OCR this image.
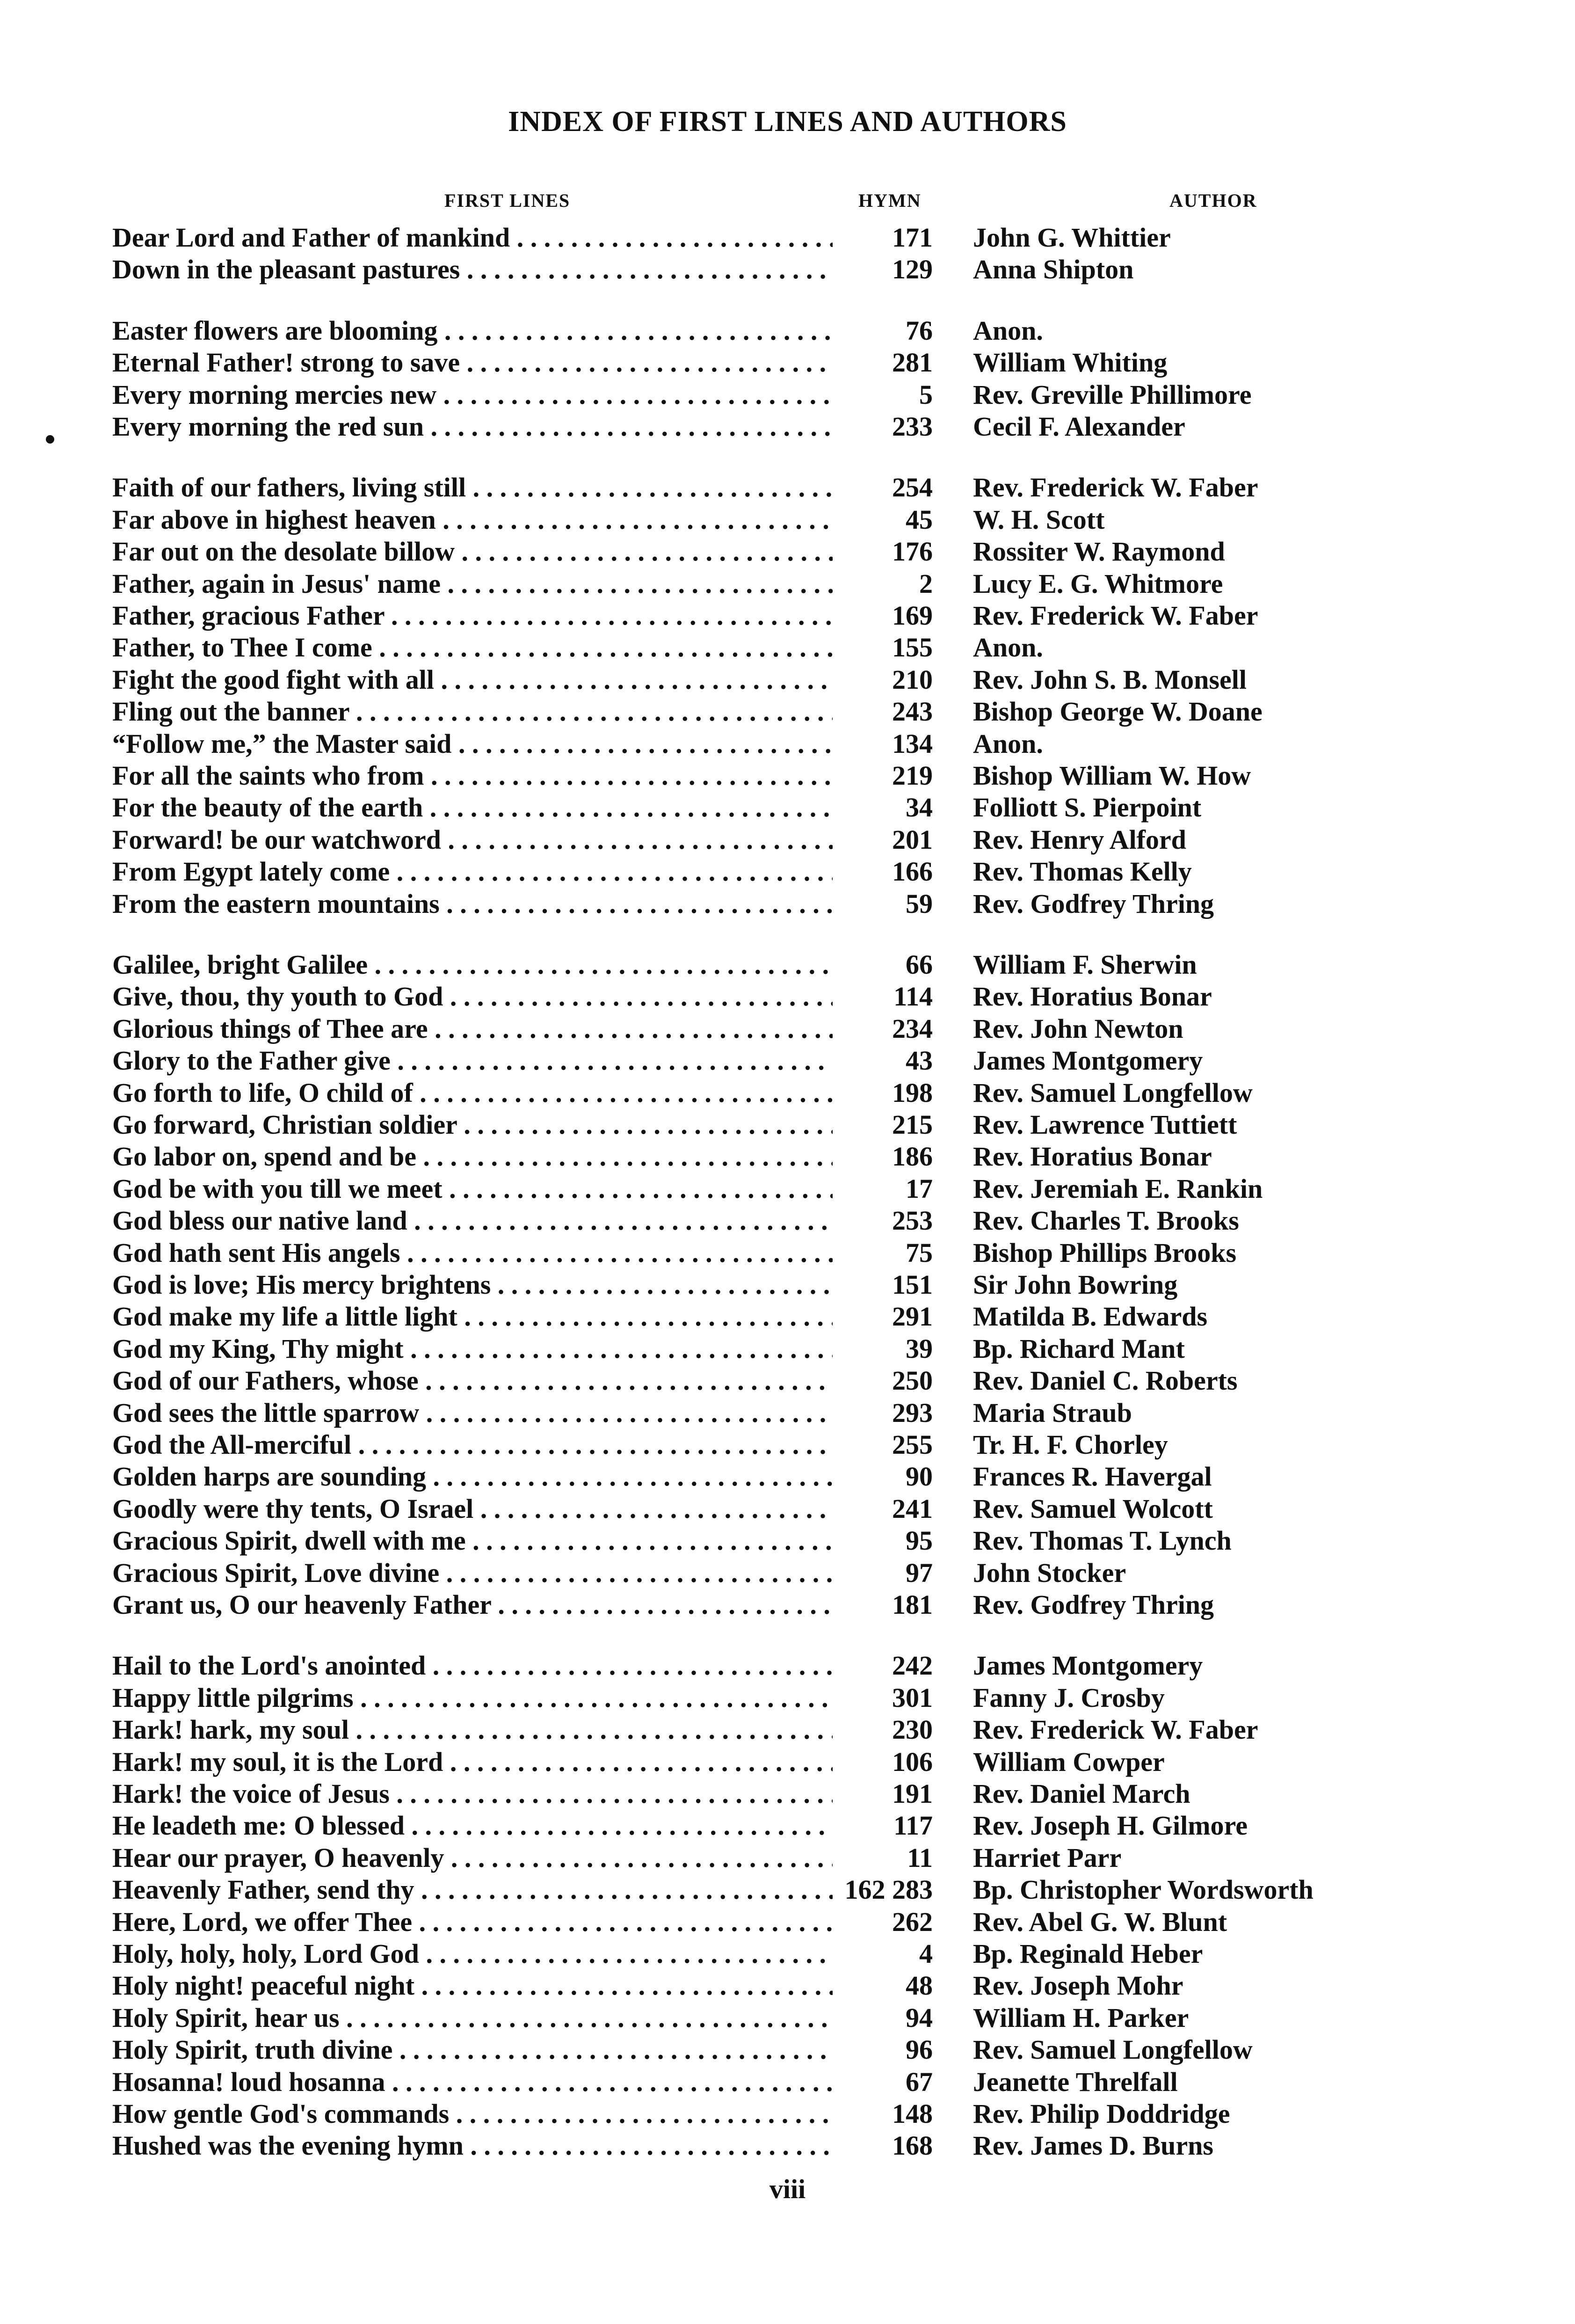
INDEX OF FIRST LINES AND AUTHORS
FIRST LINES	HYMN	AUTHOR
Dear Lord and Father of mankind . . .	171 John G. Whittier
Down in the pleasant pastures . . .	129 Anna Shipton
Easter flowers are blooming . . .	76 Anon.
Eternal Father! strong to save . . .	281 William Whiting
Every morning mercies new . . .	5 Rev. Greville Phillimore
Every morning the red sun . . .	233 Cecil F. Alexander
Faith of our fathers, living still . . .	254 Rev. Frederick W. Faber
Far above in highest heaven . . .	45 W. H. Scott
Far out on the desolate billow . . .	176 Rossiter W. Raymond
Father, again in Jesus' name . . .	2 Lucy E. G. Whitmore
Father, gracious Father . . .	169 Rev. Frederick W. Faber
Father, to Thee I come . . .	155 Anon.
Fight the good fight with all . . .	210 Rev. John S. B. Monsell
Fling out the banner . . .	243 Bishop George W. Doane
“Follow me,” the Master said . . .	134 Anon.
For all the saints who from . . .	219 Bishop William W. How
For the beauty of the earth . . .	34 Folliott S. Pierpoint
Forward! be our watchword . . .	201 Rev. Henry Alford
From Egypt lately come . . .	166 Rev. Thomas Kelly
From the eastern mountains . . .	59 Rev. Godfrey Thring
Galilee, bright Galilee . . .	66 William F. Sherwin
Give, thou, thy youth to God . . .	114 Rev. Horatius Bonar
Glorious things of Thee are . . .	234 Rev. John Newton
Glory to the Father give . . .	43 James Montgomery
Go forth to life, O child of . . .	198 Rev. Samuel Longfellow
Go forward, Christian soldier . . .	215 Rev. Lawrence Tuttiett
Go labor on, spend and be . . .	186 Rev. Horatius Bonar
God be with you till we meet . . .	17 Rev. Jeremiah E. Rankin
God bless our native land . . .	253 Rev. Charles T. Brooks
God hath sent His angels . . .	75 Bishop Phillips Brooks
God is love; His mercy brightens . . .	151 Sir John Bowring
God make my life a little light . . .	291 Matilda B. Edwards
God my King, Thy might . . .	39 Bp. Richard Mant
God of our Fathers, whose . . .	250 Rev. Daniel C. Roberts
God sees the little sparrow . . .	293 Maria Straub
God the All-merciful . . .	255 Tr. H. F. Chorley
Golden harps are sounding . . .	90 Frances R. Havergal
Goodly were thy tents, O Israel . . .	241 Rev. Samuel Wolcott
Gracious Spirit, dwell with me . . .	95 Rev. Thomas T. Lynch
Gracious Spirit, Love divine . . .	97 John Stocker
Grant us, O our heavenly Father . . .	181 Rev. Godfrey Thring
Hail to the Lord's anointed . . .	242 James Montgomery
Happy little pilgrims . . .	301 Fanny J. Crosby
Hark! hark, my soul . . .	230 Rev. Frederick W. Faber
Hark! my soul, it is the Lord . . .	106 William Cowper
Hark! the voice of Jesus . . .	191 Rev. Daniel March
He leadeth me: O blessed . . .	117 Rev. Joseph H. Gilmore
Hear our prayer, O heavenly . . .	11 Harriet Parr
Heavenly Father, send thy . . .	162 283 Bp. Christopher Wordsworth
Here, Lord, we offer Thee . . .	262 Rev. Abel G. W. Blunt
Holy, holy, holy, Lord God . . .	4 Bp. Reginald Heber
Holy night! peaceful night . . .	48 Rev. Joseph Mohr
Holy Spirit, hear us . . .	94 William H. Parker
Holy Spirit, truth divine . . .	96 Rev. Samuel Longfellow
Hosanna! loud hosanna . . .	67 Jeanette Threlfall
How gentle God's commands . . .	148 Rev. Philip Doddridge
Hushed was the evening hymn . . .	168 Rev. James D. Burns
viii
